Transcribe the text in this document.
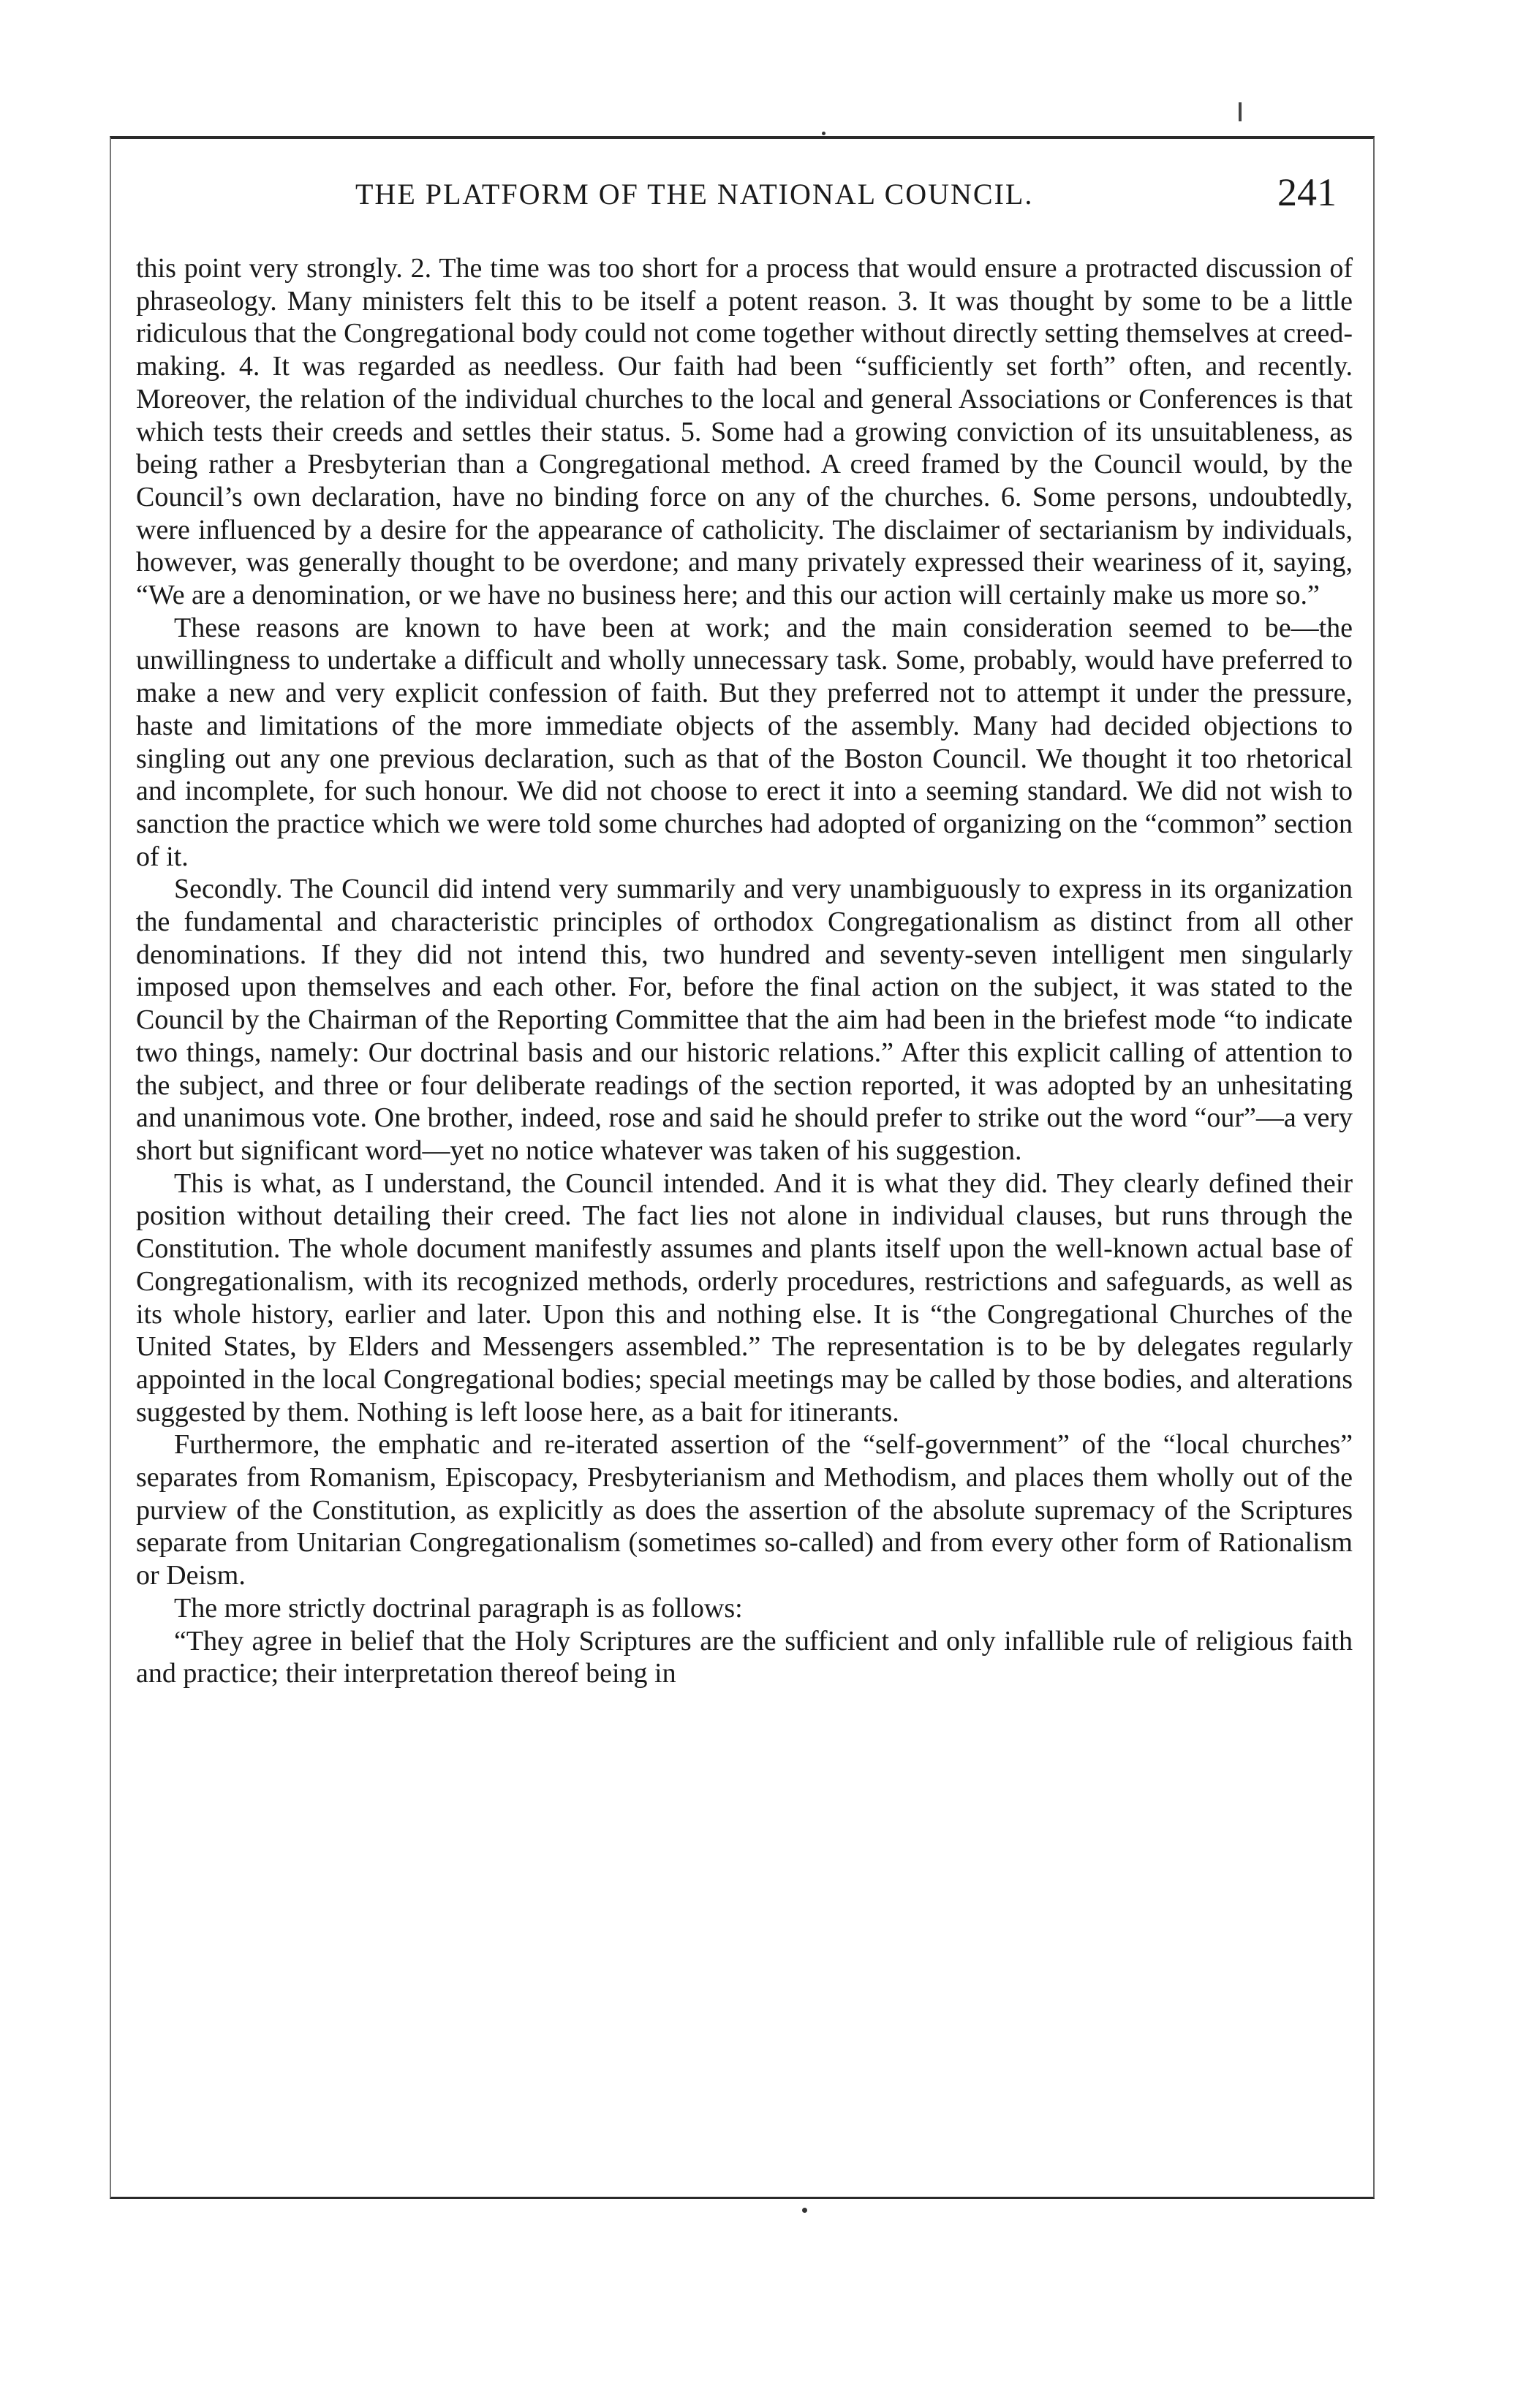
THE PLATFORM OF THE NATIONAL COUNCIL.	241

this point very strongly. 2. The time was too short for a process that would ensure a protracted discussion of phraseology. Many ministers felt this to be itself a potent reason. 3. It was thought by some to be a little ridiculous that the Congregational body could not come together without directly setting themselves at creed-making. 4. It was regarded as needless. Our faith had been “sufficiently set forth” often, and recently. Moreover, the relation of the individual churches to the local and general Associations or Conferences is that which tests their creeds and settles their status. 5. Some had a growing conviction of its unsuitableness, as being rather a Presbyterian than a Congregational method. A creed framed by the Council would, by the Council’s own declaration, have no binding force on any of the churches. 6. Some persons, undoubtedly, were influenced by a desire for the appearance of catholicity. The disclaimer of sectarianism by individuals, however, was generally thought to be overdone; and many privately expressed their weariness of it, saying, “We are a denomination, or we have no business here; and this our action will certainly make us more so.”

These reasons are known to have been at work; and the main consideration seemed to be—the unwillingness to undertake a difficult and wholly unnecessary task. Some, probably, would have preferred to make a new and very explicit confession of faith. But they preferred not to attempt it under the pressure, haste and limitations of the more immediate objects of the assembly. Many had decided objections to singling out any one previous declaration, such as that of the Boston Council. We thought it too rhetorical and incomplete, for such honour. We did not choose to erect it into a seeming standard. We did not wish to sanction the practice which we were told some churches had adopted of organizing on the “common” section of it.

Secondly. The Council did intend very summarily and very unambiguously to express in its organization the fundamental and characteristic principles of orthodox Congregationalism as distinct from all other denominations. If they did not intend this, two hundred and seventy-seven intelligent men singularly imposed upon themselves and each other. For, before the final action on the subject, it was stated to the Council by the Chairman of the Reporting Committee that the aim had been in the briefest mode “to indicate two things, namely: Our doctrinal basis and our historic relations.” After this explicit calling of attention to the subject, and three or four deliberate readings of the section reported, it was adopted by an unhesitating and unanimous vote. One brother, indeed, rose and said he should prefer to strike out the word “our”—a very short but significant word—yet no notice whatever was taken of his suggestion.

This is what, as I understand, the Council intended. And it is what they did. They clearly defined their position without detailing their creed. The fact lies not alone in individual clauses, but runs through the Constitution. The whole document manifestly assumes and plants itself upon the well-known actual base of Congregationalism, with its recognized methods, orderly procedures, restrictions and safeguards, as well as its whole history, earlier and later. Upon this and nothing else. It is “the Congregational Churches of the United States, by Elders and Messengers assembled.” The representation is to be by delegates regularly appointed in the local Congregational bodies; special meetings may be called by those bodies, and alterations suggested by them. Nothing is left loose here, as a bait for itinerants.

Furthermore, the emphatic and re-iterated assertion of the “self-government” of the “local churches” separates from Romanism, Episcopacy, Presbyterianism and Methodism, and places them wholly out of the purview of the Constitution, as explicitly as does the assertion of the absolute supremacy of the Scriptures separate from Unitarian Congregationalism (sometimes so-called) and from every other form of Rationalism or Deism.

The more strictly doctrinal paragraph is as follows:

“They agree in belief that the Holy Scriptures are the sufficient and only infallible rule of religious faith and practice; their interpretation thereof being in
